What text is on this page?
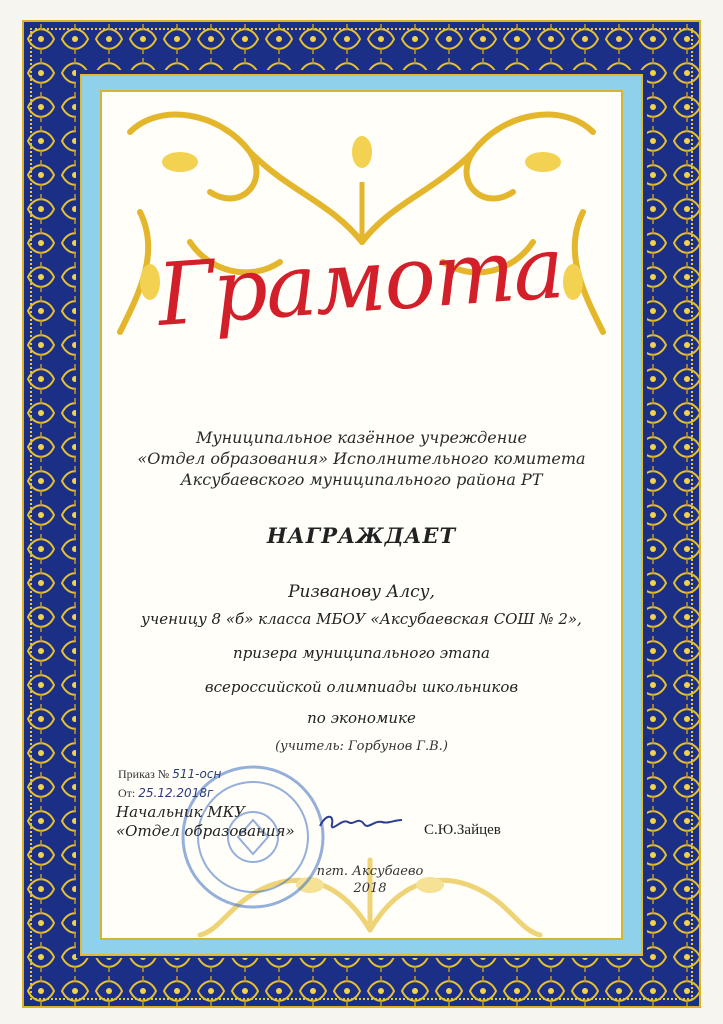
Грамота
Муниципальное казённое учреждение
«Отдел образования» Исполнительного комитета
Аксубаевского муниципального района РТ
НАГРАЖДАЕТ
Ризванову Алсу,
ученицу 8 «б» класса МБОУ «Аксубаевская СОШ № 2»,
призера муниципального этапа
всероссийской олимпиады школьников
по экономике
(учитель: Горбунов Г.В.)
Приказ № 511-осн
От: 25.12.2018г
Начальник МКУ
«Отдел образования»	С.Ю.Зайцев
пгт. Аксубаево
2018
